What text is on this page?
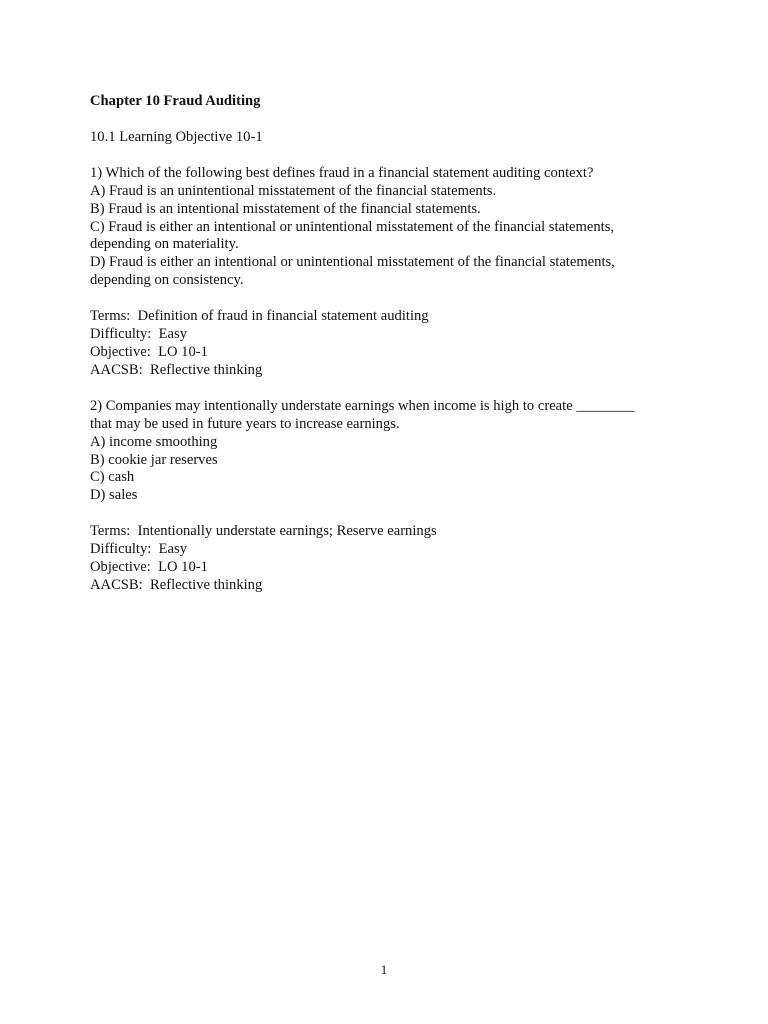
Chapter 10 Fraud Auditing

10.1 Learning Objective 10-1
1) Which of the following best defines fraud in a financial statement auditing context?
A) Fraud is an unintentional misstatement of the financial statements.
B) Fraud is an intentional misstatement of the financial statements.
C) Fraud is either an intentional or unintentional misstatement of the financial statements,
depending on materiality.
D) Fraud is either an intentional or unintentional misstatement of the financial statements,
depending on consistency.
Terms:  Definition of fraud in financial statement auditing
Difficulty:  Easy
Objective:  LO 10-1
AACSB:  Reflective thinking
2) Companies may intentionally understate earnings when income is high to create ________
that may be used in future years to increase earnings.
A) income smoothing
B) cookie jar reserves
C) cash
D) sales
Terms:  Intentionally understate earnings; Reserve earnings
Difficulty:  Easy
Objective:  LO 10-1
AACSB:  Reflective thinking
1
